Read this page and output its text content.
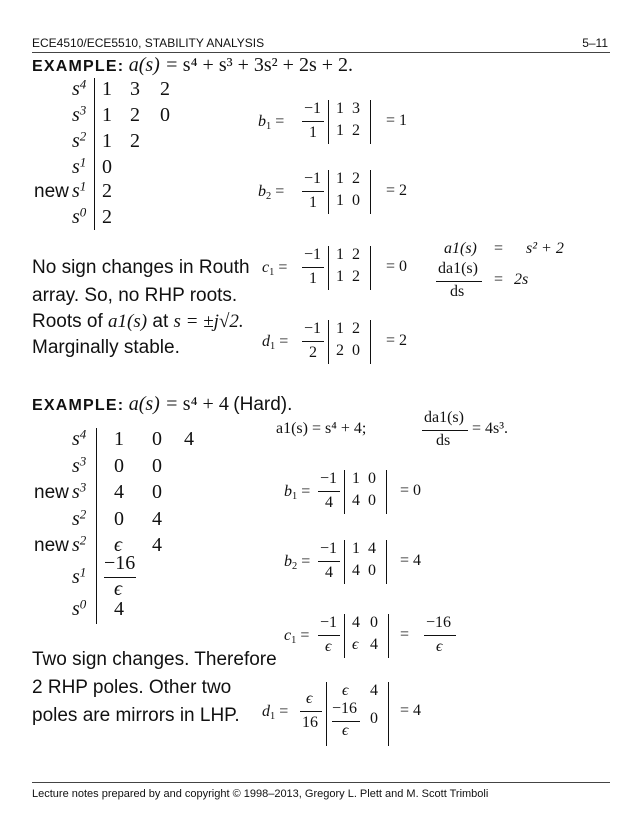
ECE4510/ECE5510, STABILITY ANALYSIS	5–11
EXAMPLE: a(s) = s⁴ + s³ + 3s² + 2s + 2.
$s^4$ 1 3 2
$s^3$ 1 2 0
$s^2$ 1 2
$s^1$ 0
new $s^1$ 2
$s^0$ 2
$b_1$ =
−1
1
1 3
1 2
= 1
$b_2$ =
−1
1
1 2
1 0
= 2
$c_1$ =
−1
1
1 2
1 2
= 0
$d_1$ =
−1
2
1 2
2 0
= 2
a1(s) = s² + 2
da1(s)
ds
= 2s
No sign changes in Routh
array. So, no RHP roots.
Roots of a1(s) at s = ±j√2.
Marginally stable.
EXAMPLE: a(s) = s⁴ + 4 (Hard).
a1(s) = s⁴ + 4;
da1(s)
ds
= 4s³.
$s^4$ 1 0 4
$s^3$ 0 0
new $s^3$ 4 0
$s^2$ 0 4
new $s^2$ ϵ 4
$s^1 -16$
ϵ
$s^0$ 4
$b_1$ =
−1
4
1 0
4 0
= 0
$b_2$ =
−1
4
1 4
4 0
= 4
$c_1$ =
−1
ϵ
4 0
ϵ 4
=
−16
ϵ
$d_1$ =
ϵ
16
ϵ 4
−16
ϵ
0 = 4
Two sign changes. Therefore
2 RHP poles. Other two
poles are mirrors in LHP.
Lecture notes prepared by and copyright © 1998–2013, Gregory L. Plett and M. Scott Trimboli
